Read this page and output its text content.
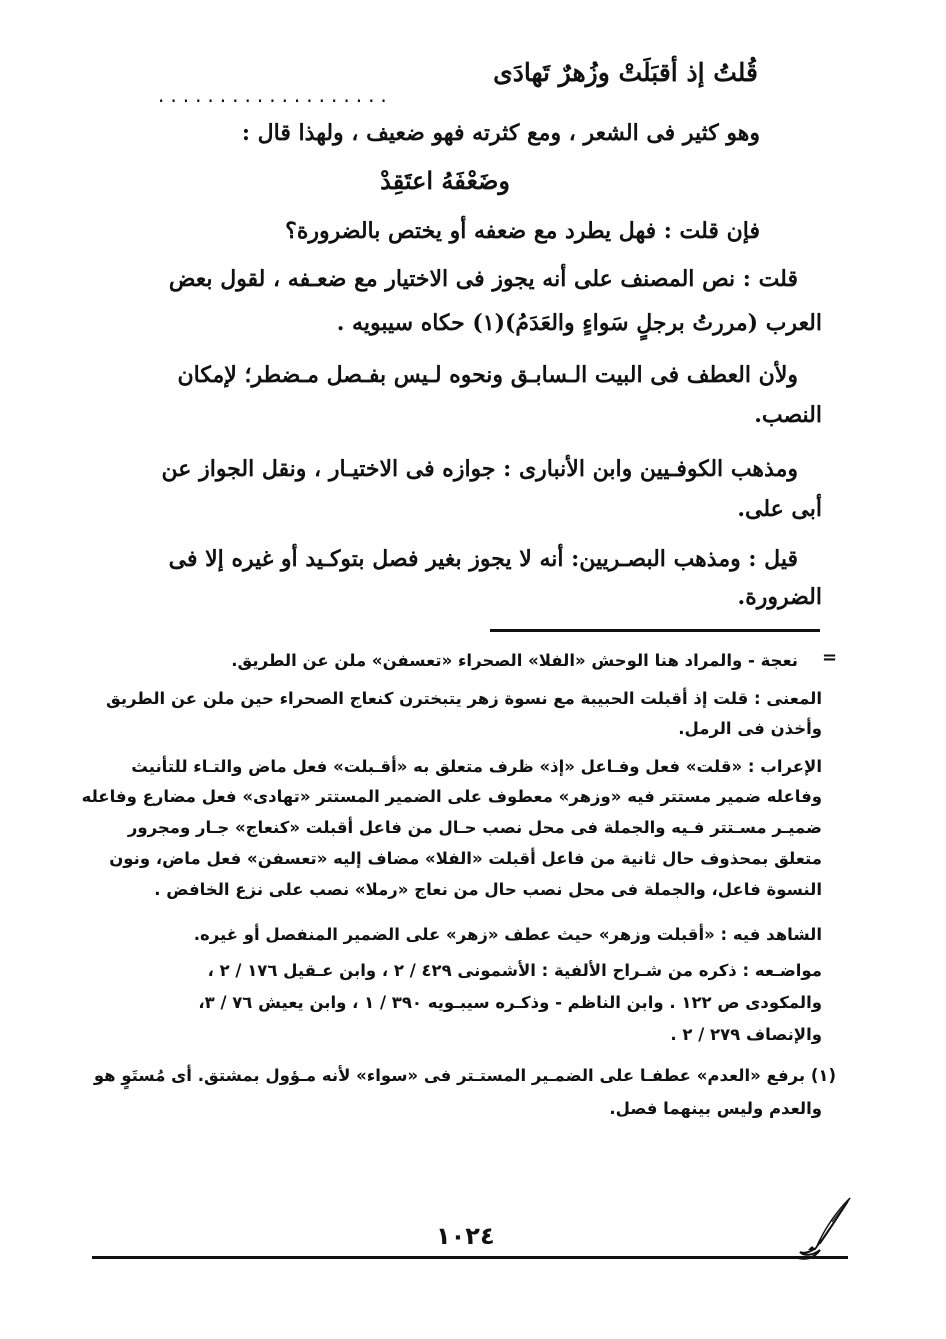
قُلتُ إذ أقبَلَتْ وزُهرٌ تَهادَى
...................
وهو كثير فى الشعر ، ومع كثرته فهو ضعيف ، ولهذا قال :
وضَعْفَهُ اعتَقِدْ
فإن قلت : فهل يطرد مع ضعفه أو يختص بالضرورة؟
قلت : نص المصنف على أنه يجوز فى الاختيار مع ضعـفه ، لقول بعض
العرب (مررتُ برجلٍ سَواءٍ والعَدَمُ)(١) حكاه سيبويه .
ولأن العطف فى البيت الـسابـق ونحوه لـيس بفـصل مـضطر؛ لإمكان
النصب.
ومذهب الكوفـيين وابن الأنبارى : جوازه فى الاختيـار ، ونقل الجواز عن
أبى على.
قيل : ومذهب البصـريين: أنه لا يجوز بغير فصل بتوكـيد أو غيره إلا فى
الضرورة.
=
نعجة - والمراد هنا الوحش «الفلا» الصحراء «تعسفن» ملن عن الطريق.
المعنى : قلت إذ أقبلت الحبيبة مع نسوة زهر يتبخترن كنعاج الصحراء حين ملن عن الطريق
وأخذن فى الرمل.
الإعراب : «قلت» فعل وفـاعل «إذ» ظرف متعلق به «أقـبلت» فعل ماض والتـاء للتأنيث
وفاعله ضمير مستتر فيه «وزهر» معطوف على الضمير المستتر «تهادى» فعل مضارع وفاعله
ضميـر مسـتتر فـيه والجملة فى محل نصب حـال من فاعل أقبلت «كنعاج» جـار ومجرور
متعلق بمحذوف حال ثانية من فاعل أقبلت «الفلا» مضاف إليه «تعسفن» فعل ماض، ونون
النسوة فاعل، والجملة فى محل نصب حال من نعاج «رملا» نصب على نزع الخافض .
الشاهد فيه : «أقبلت وزهر» حيث عطف «زهر» على الضمير المنفصل أو غيره.
مواضـعه : ذكره من شـراح الألفية : الأشمونى ٤٢٩ / ٢ ، وابن عـقيل ١٧٦ / ٢ ،
والمكودى ص ١٢٢ . وابن الناظم - وذكـره سيبـويه ٣٩٠ / ١ ، وابن يعيش ٧٦ / ٣،
والإنصاف ٢٧٩ / ٢ .
(١) برفع «العدم» عطفـا على الضمـير المستـتر فى «سواء» لأنه مـؤول بمشتق. أى مُستَوٍ هو
والعدم وليس بينهما فصل.
١٠٢٤
